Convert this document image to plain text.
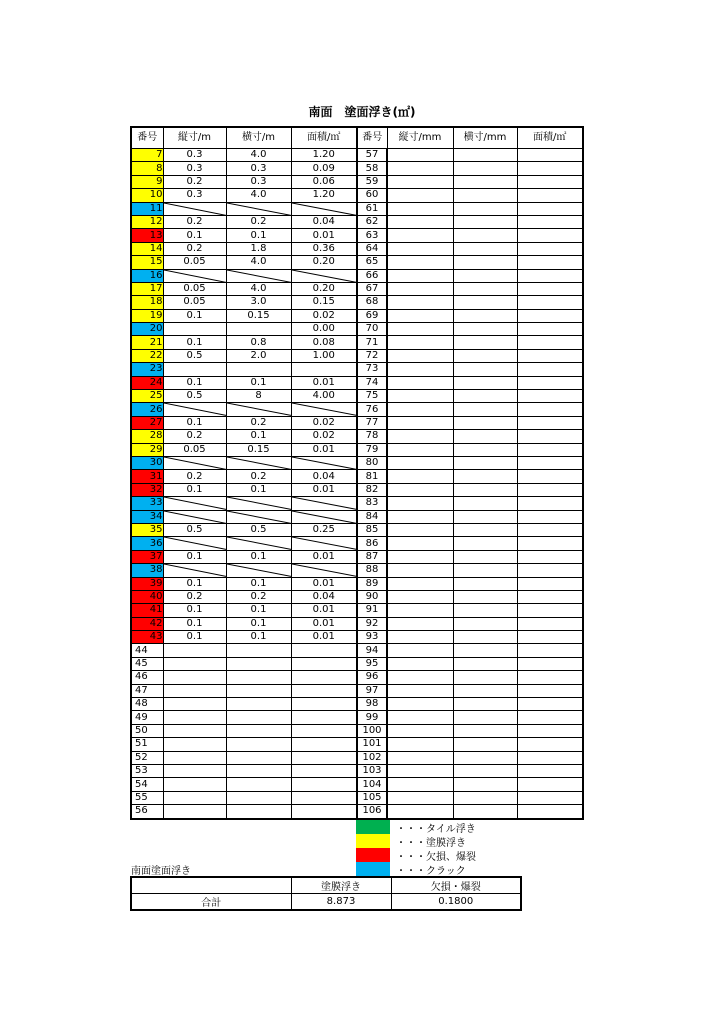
南面　塗面浮き(㎡)
番号	縦寸/m	横寸/m	面積/㎡	番号	縦寸/mm	横寸/mm	面積/㎡
7	0.3	4.0	1.20	57			
8	0.3	0.3	0.09	58			
9	0.2	0.3	0.06	59			
10	0.3	4.0	1.20	60			
11				61			
12	0.2	0.2	0.04	62			
13	0.1	0.1	0.01	63			
14	0.2	1.8	0.36	64			
15	0.05	4.0	0.20	65			
16				66			
17	0.05	4.0	0.20	67			
18	0.05	3.0	0.15	68			
19	0.1	0.15	0.02	69			
20			0.00	70			
21	0.1	0.8	0.08	71			
22	0.5	2.0	1.00	72			
23				73			
24	0.1	0.1	0.01	74			
25	0.5	8	4.00	75			
26				76			
27	0.1	0.2	0.02	77			
28	0.2	0.1	0.02	78			
29	0.05	0.15	0.01	79			
30				80			
31	0.2	0.2	0.04	81			
32	0.1	0.1	0.01	82			
33				83			
34				84			
35	0.5	0.5	0.25	85			
36				86			
37	0.1	0.1	0.01	87			
38				88			
39	0.1	0.1	0.01	89			
40	0.2	0.2	0.04	90			
41	0.1	0.1	0.01	91			
42	0.1	0.1	0.01	92			
43	0.1	0.1	0.01	93			
44				94			
45				95			
46				96			
47				97			
48				98			
49				99			
50				100			
51				101			
52				102			
53				103			
54				104			
55				105			
56				106			
・・・タイル浮き
・・・塗膜浮き
・・・欠損、爆裂
・・・クラック
南面塗面浮き
	塗膜浮き	欠損・爆裂
合計	8.873	0.1800
